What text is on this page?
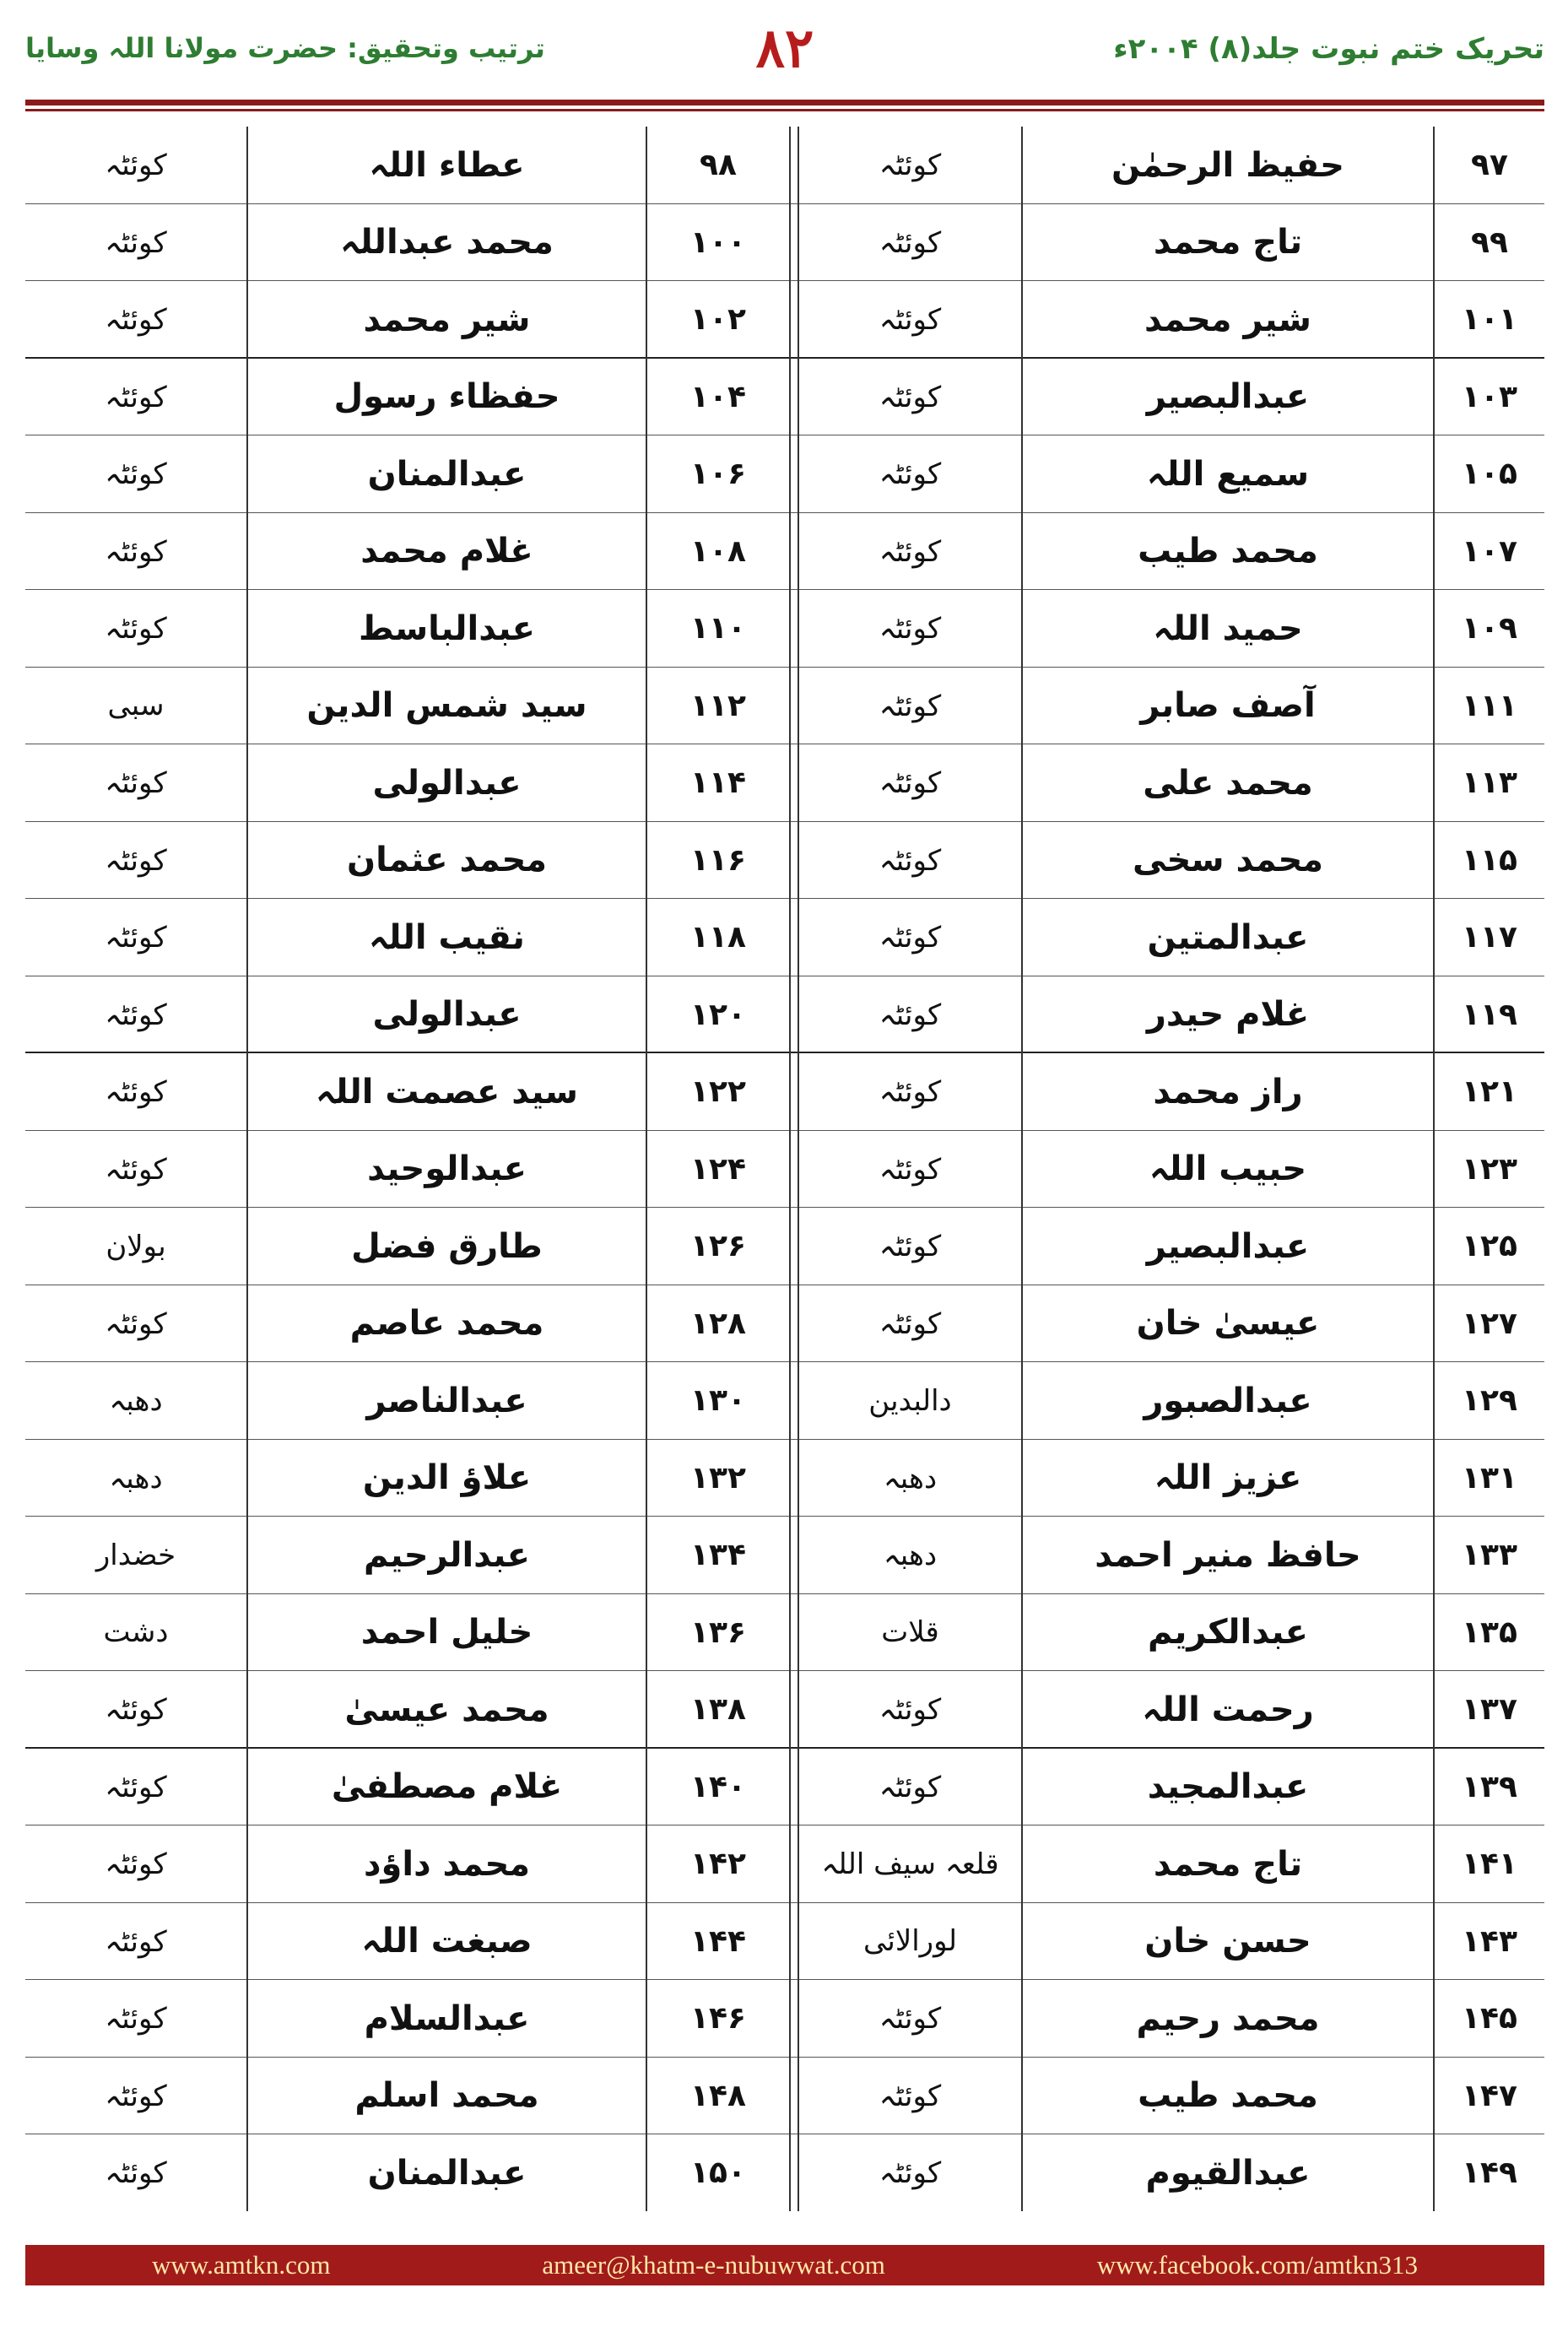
تحریک ختم نبوت جلد(۸) ۲۰۰۴ء
۸۲
ترتیب وتحقیق: حضرت مولانا اللہ وسایا
۹۷
حفیظ الرحمٰن
کوئٹہ
۹۸
عطاء اللہ
کوئٹہ
۹۹
تاج محمد
کوئٹہ
۱۰۰
محمد عبداللہ
کوئٹہ
۱۰۱
شیر محمد
کوئٹہ
۱۰۲
شیر محمد
کوئٹہ
۱۰۳
عبدالبصیر
کوئٹہ
۱۰۴
حفظاء رسول
کوئٹہ
۱۰۵
سمیع اللہ
کوئٹہ
۱۰۶
عبدالمنان
کوئٹہ
۱۰۷
محمد طیب
کوئٹہ
۱۰۸
غلام محمد
کوئٹہ
۱۰۹
حمید اللہ
کوئٹہ
۱۱۰
عبدالباسط
کوئٹہ
۱۱۱
آصف صابر
کوئٹہ
۱۱۲
سید شمس الدین
سبی
۱۱۳
محمد علی
کوئٹہ
۱۱۴
عبدالولی
کوئٹہ
۱۱۵
محمد سخی
کوئٹہ
۱۱۶
محمد عثمان
کوئٹہ
۱۱۷
عبدالمتین
کوئٹہ
۱۱۸
نقیب اللہ
کوئٹہ
۱۱۹
غلام حیدر
کوئٹہ
۱۲۰
عبدالولی
کوئٹہ
۱۲۱
راز محمد
کوئٹہ
۱۲۲
سید عصمت اللہ
کوئٹہ
۱۲۳
حبیب اللہ
کوئٹہ
۱۲۴
عبدالوحید
کوئٹہ
۱۲۵
عبدالبصیر
کوئٹہ
۱۲۶
طارق فضل
بولان
۱۲۷
عیسیٰ خان
کوئٹہ
۱۲۸
محمد عاصم
کوئٹہ
۱۲۹
عبدالصبور
دالبدین
۱۳۰
عبدالناصر
دھبہ
۱۳۱
عزیز اللہ
دھبہ
۱۳۲
علاؤ الدین
دھبہ
۱۳۳
حافظ منیر احمد
دھبہ
۱۳۴
عبدالرحیم
خضدار
۱۳۵
عبدالکریم
قلات
۱۳۶
خلیل احمد
دشت
۱۳۷
رحمت اللہ
کوئٹہ
۱۳۸
محمد عیسیٰ
کوئٹہ
۱۳۹
عبدالمجید
کوئٹہ
۱۴۰
غلام مصطفیٰ
کوئٹہ
۱۴۱
تاج محمد
قلعہ سیف اللہ
۱۴۲
محمد داؤد
کوئٹہ
۱۴۳
حسن خان
لورالائی
۱۴۴
صبغت اللہ
کوئٹہ
۱۴۵
محمد رحیم
کوئٹہ
۱۴۶
عبدالسلام
کوئٹہ
۱۴۷
محمد طیب
کوئٹہ
۱۴۸
محمد اسلم
کوئٹہ
۱۴۹
عبدالقیوم
کوئٹہ
۱۵۰
عبدالمنان
کوئٹہ
www.amtkn.com	ameer@khatm-e-nubuwwat.com	www.facebook.com/amtkn313
